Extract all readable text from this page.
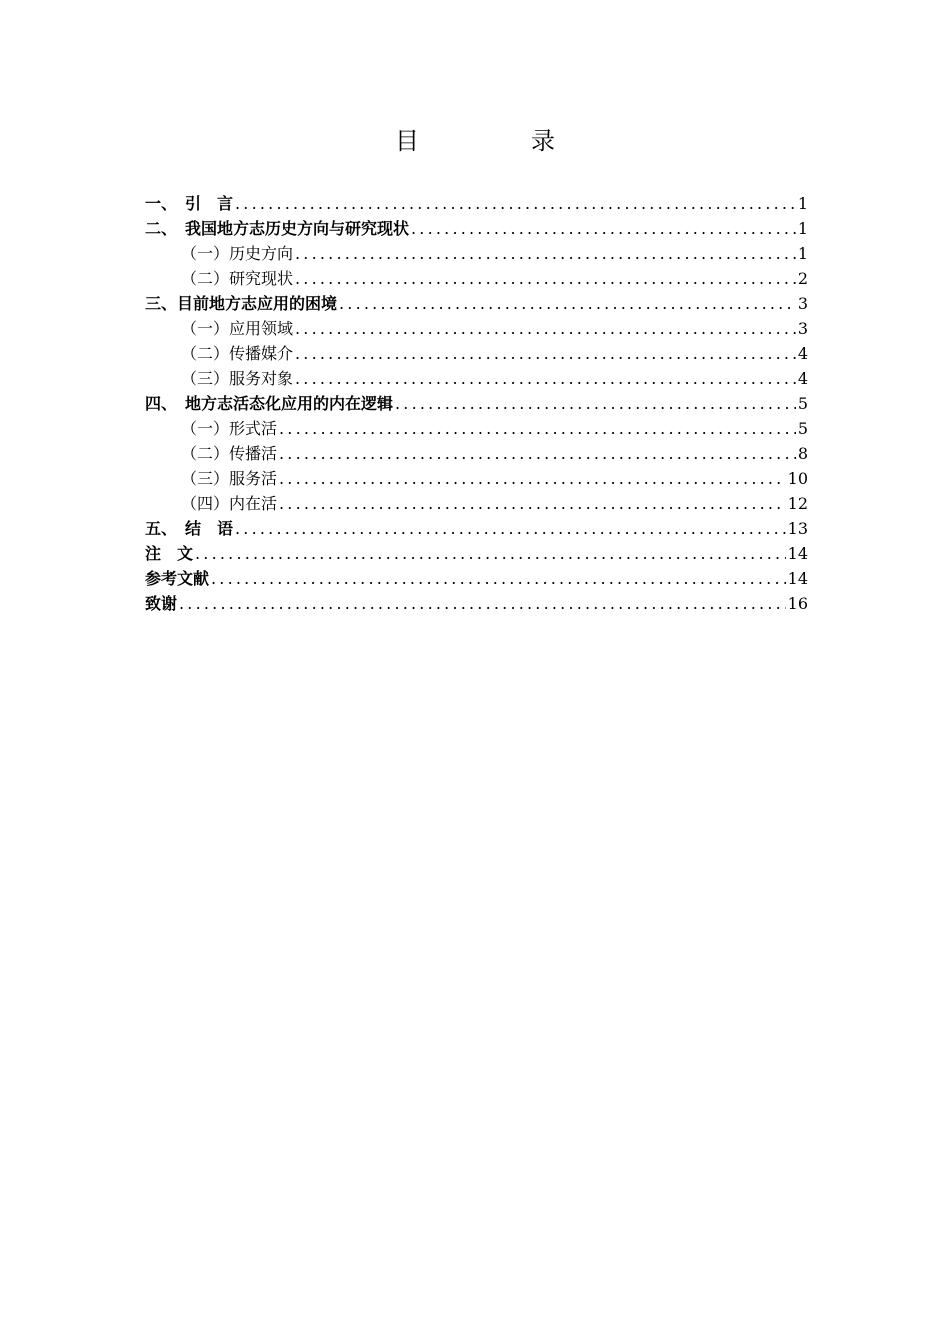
目　录
一、　引　言 .....	1
二、　我国地方志历史方向与研究现状 .....	1
（一）历史方向 .....	1
（二）研究现状 .....	2
三、目前地方志应用的困境 .....	3
（一）应用领域 .....	3
（二）传播媒介 .....	4
（三）服务对象 .....	4
四、　地方志活态化应用的内在逻辑 .....	5
（一）形式活 .....	5
（二）传播活 .....	8
（三）服务活 .....	10
（四）内在活 .....	12
五、　结　语 .....	13
注　文 .....	14
参考文献 .....	14
致谢 .....	16
